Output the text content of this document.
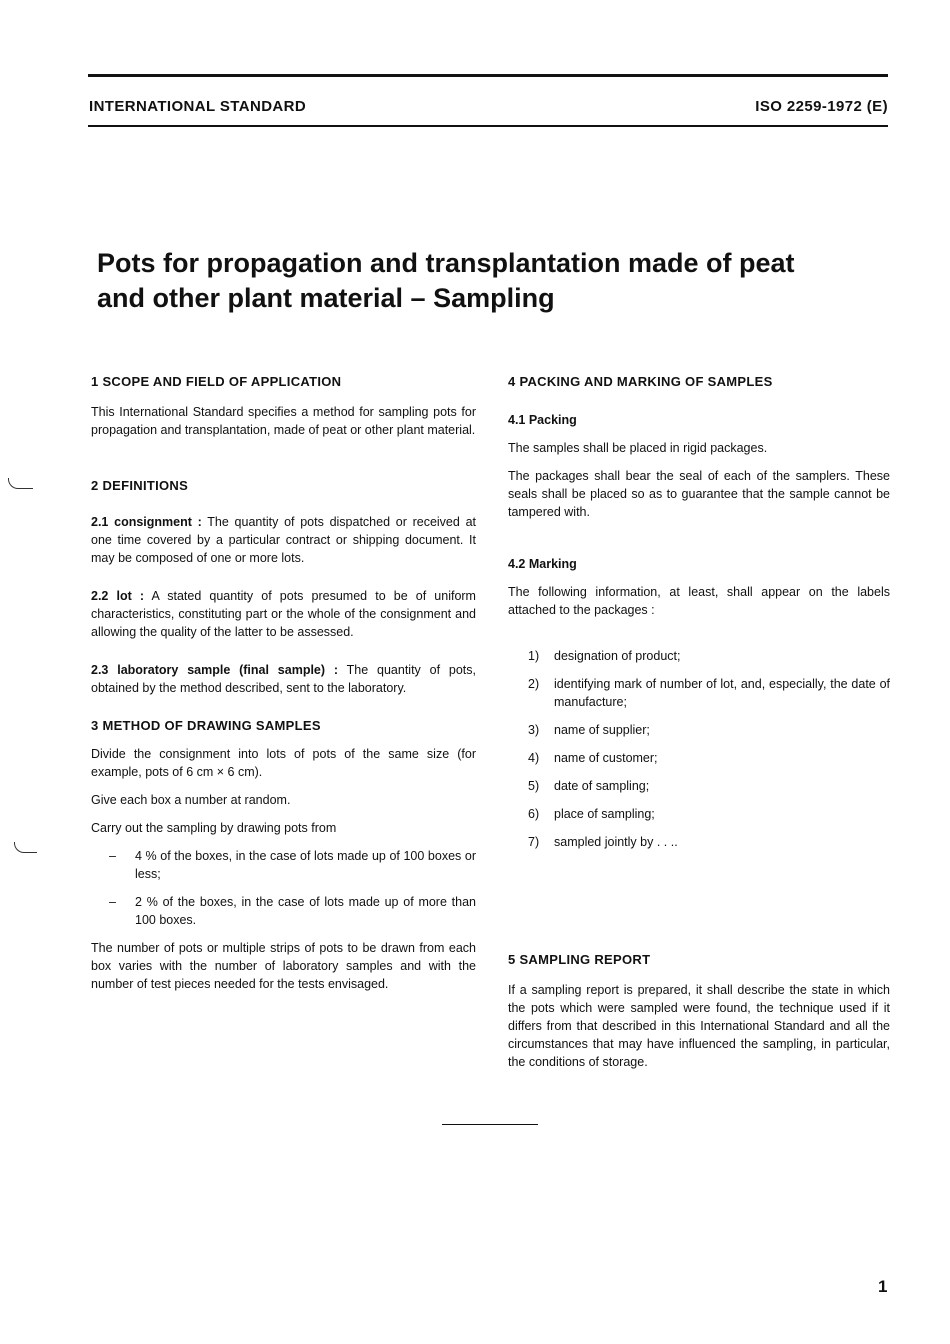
INTERNATIONAL STANDARD	ISO 2259-1972 (E)
Pots for propagation and transplantation made of peat
and other plant material – Sampling
1 SCOPE AND FIELD OF APPLICATION

This International Standard specifies a method for sampling pots for propagation and transplantation, made of peat or other plant material.

2 DEFINITIONS

2.1 consignment : The quantity of pots dispatched or received at one time covered by a particular contract or shipping document. It may be composed of one or more lots.

2.2 lot : A stated quantity of pots presumed to be of uniform characteristics, constituting part or the whole of the consignment and allowing the quality of the latter to be assessed.

2.3 laboratory sample (final sample) : The quantity of pots, obtained by the method described, sent to the laboratory.

3 METHOD OF DRAWING SAMPLES

Divide the consignment into lots of pots of the same size (for example, pots of 6 cm × 6 cm).

Give each box a number at random.

Carry out the sampling by drawing pots from

–	4 % of the boxes, in the case of lots made up of 100 boxes or less;

–	2 % of the boxes, in the case of lots made up of more than 100 boxes.

The number of pots or multiple strips of pots to be drawn from each box varies with the number of laboratory samples and with the number of test pieces needed for the tests envisaged.

4 PACKING AND MARKING OF SAMPLES
4.1 Packing

The samples shall be placed in rigid packages.

The packages shall bear the seal of each of the samplers. These seals shall be placed so as to guarantee that the sample cannot be tampered with.

4.2 Marking

The following information, at least, shall appear on the labels attached to the packages :

1)	designation of product;

2)	identifying mark of number of lot, and, especially, the date of manufacture;

3)	name of supplier;

4)	name of customer;

5)	date of sampling;

6)	place of sampling;

7)	sampled jointly by . . ..

5 SAMPLING REPORT

If a sampling report is prepared, it shall describe the state in which the pots which were sampled were found, the technique used if it differs from that described in this International Standard and all the circumstances that may have influenced the sampling, in particular, the conditions of storage.

1
